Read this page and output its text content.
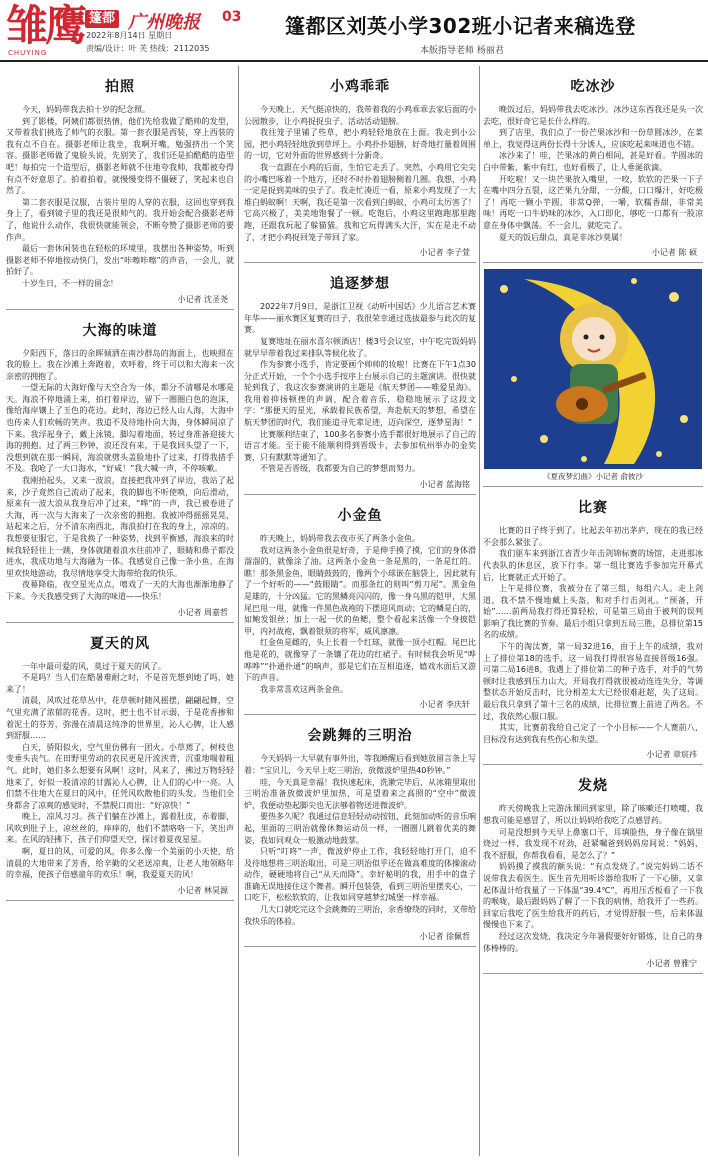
雏鹰
CHUYING
篷都 广州晚报 03
2022年8月14日 星期日
责编/设计：叶 芙 热线：2112035
篷都区刘英小学302班小记者来稿选登
本版指导老师 杨丽君
拍照

今天，妈妈带我去拍十岁的纪念照。

到了影楼，阿姨们都很热情，他们先给我做了酷帅的发型，又带着我们挑选了帅气的衣服。第一套衣服是西装，穿上西装的我有点不自在。摄影老师让我坐，我啊开嘴，勉强挤出一个笑容。摄影老师做了鬼脸头说，先别笑了，我们还是拍酷酷的造型吧！每拍完一个造型后，摄影老师就不住地夸我帅，我都被夸得有点不好意思了。拍着拍着，就慢慢变得不僵硬了，笑起来也自然了。

第二套衣服是汉服，古装片里的人穿的衣服，这回也穿到我身上了，看到镜子里的我还是很帅气的。我开始会配合摄影老师了，他说什么动作，我很快就能领会，不断夸赞了摄影老师的要作声。

最后一套休闲装也在轻松的环境里，我摆出各种姿势，听到摄影老师不停地按动快门，发出“咔嚓咔嚓”的声音，一会儿，就拍好了。

十岁生日，不一样的留念！

小记者 沈圣尧
大海的味道

夕阳西下，落日的余晖倾洒在南沙群岛的海面上，也映照在我的脸上。我在沙滩上奔跑着，欢呼着，终于可以和大海来一次亲密的拥抱了。

一望无际的大海好像与天空合为一体，都分不清哪是水哪是天。海浪不停地涌上来，拍打着岸边，留下一圈圈白色的泡沫，像给海岸镶上了玉色的花边。此时，海边已经人山人海，大海中也传来人们欢畅的笑声。我追不及待地扑向大海，身体瞬间凉了下来。我浮起身子，戴上泳镜，脚勾着地面，转过身准备迎接大海的拥抱。过了两三秒钟，浪还没有来，于是我回头望了一下，没想到就在那一瞬间，海浪就劈头盖脸地扑了过来，打得我措手不及。我呛了一大口海水，“好咸！”我大喊一声，不停咳嗽。

我刚抬起头，又来一波浪，直接把我冲到了岸边，我站了起来，沙子竟然自己流动了起来，我的脚也不听使唤，向后滑动，原来有一波大浪从我身后冲了过来，“哗”的一声，我已被卷进了大海，再一次与大海来了一次亲密的拥抱。我被冲得摇摇晃晃，站起来之后，分不清东南西北，海浪拍打在我的身上，凉凉的。我想要征服它，于是我换了一种姿势，找到平衡感，海浪来的时候我轻轻往上一跳，身体就随着浪水往前冲了，眼睛和鼻子都没进水，我成功地与大海融为一体。我感觉自己像一条小鱼，在海里欢快地游动，我尽情地享受大海带给我的快乐。

夜幕降临，夜空星光点点，嘻戏了一天的大海也渐渐地静了下来。今天我感受到了大海的味道——快乐！

小记者 周嘉哲
夏天的风

一年中最可爱的风，莫过于夏天的风了。

不是吗？当人们在酷暑难耐之时，不是首先想到她了吗，她来了！

清晨，风吹过花草丛中，花草顿时随风摇摆，翩翩起舞，空气里充满了浓郁的花香。这时，把土也不甘示弱，于是花香掺和着泥土的芬芳，弥漫在清晨这纯净的世界里，沁人心脾，让人感到舒服……

白天，骄阳似火，空气里仿佛有一团火。小草蔫了，树枝也变垂头丧气。在田野里劳动的农民更是汗流浃背，沉重地喘着粗气。此时，她们多么想要有风啊！这时，风来了，拂过万物轻轻地来了，好似一股清凉的甘露沁人心脾，让人们的心中一亮。人们禁不住地大在夏日的风中，任凭风吹散他们的头发。当他们全身都舍了凉爽的感觉时，不禁脱口而出：“好凉快！”

晚上，凉风习习。孩子们躺在沙滩上，露着肚皮，赤着脚，风吹到肚子上，凉丝丝的，痒痒的，他们不禁咯咯一下，笑出声来。在风的轻拂下，孩子们仰望天空，探讨着夏夜星星。

啊，夏日的风，可爱的风，你多么像一个美丽的小天使，给清晨的大地带来了芳香，给辛勤的父老送凉爽，让老人地领略年的幸福，使孩子倍感童年的欢乐！啊，我爱夏天的风！

小记者 林昊源
小鸡乖乖

今天晚上，天气挺凉快的，我带着我的小鸡乖乖去家后面的小公园散步，让小鸡捉捉虫子、活动活动翅膀。

我往笼子里铺了些草，把小鸡轻轻地放在上面。我走到小公园，把小鸡轻轻地放到草坪上。小鸡扑扑翅膀，好奇地打量着周围的一切，它对外面的世界感到十分新奇。

我一直跟在小鸡的后面，生怕它走丢了。突然，小鸡用它尖尖的小嘴巴啄着一个地方，还时不时扑着翅膀侧着几圈。我想，小鸡一定是捉到美味的虫子了。我走忙凑近一看，原来小鸡发现了一大堆白蚂蚁啊！天啊，我还是第一次看到白蚂蚁，小鸡可太厉害了！它高兴极了，美美地饱餐了一顿。吃饱后，小鸡这里跑跑那里跑跑，还跟我玩起了躲猫猫。我和它玩得满头大汗，实在是走不动了，才把小鸡捉回笼子带回了家。

小记者 李子萱
追逐梦想

2022年7月9日，是浙江卫视《动听中国话》少儿语言艺术赛年华——丽水赛区复赛的日子，我很荣幸通过选拔最参与此次的复赛。

复赛地址在丽水喜尔顿酒店！楼3号会议室，中午吃完饭妈妈就早早带着我过来排队等候化妆了。

作为参赛小选手，肯定要画个帅帅的妆啦！比赛在下午1点30分正式开始，一个个小选手按序上台展示自己的主题演讲。很快就轮到我了，我这次参赛演讲的主题是《航天梦团——唯爱星海》。我用着抑扬顿挫的声调，配合着音乐，稳稳地展示了这段文字：“那便天的星光，承载着民族希望，奔赴航天的梦想，希望在航天梦团的时代，我们能追寻先辈足迹，迈向深空，逐梦星海！”

比赛顺利结束了，100多名参赛小选手都很好地展示了自己的语言才能。至于能不能顺利得到晋级卡，去参加杭州举办的金奖赛，只有默默等通知了。

不管是否晋级，我都要为自己的梦想而努力。

小记者 蓝海铭
小金鱼

昨天晚上，妈妈带我去夜市买了两条小金鱼。

我对这两条小金鱼很是好奇，于是伸手摸了摸，它们的身体滑溜溜的，就像涂了油。这两条小金鱼一条是黑的，一条是红的。瞧！那条黑金鱼，眼睛鼓鼓的，像两个小球嵌在脑袋上，因此就有了一个好听的——“鼓眼睛”。而那条红的则叫“剪刀尾”。黑金鱼是雄的，十分凶猛。它的黑鳞亮闪闪的，像一身乌黑的铠甲，大黑尾巴甩一甩，就像一件黑色战袍的下摆迎风而动；它的鳞是白的，如鲍发银丝；加上一起一伏的鱼鳃，整个看起来活像一个身披铠甲，内衬战袍，飘着银须的将军，威风凛凛。

红金鱼是雌的，头上长着一个红球，就像一顶小红帽。尾巴比他是花的，就像穿了一条镶了花边的红裙子。有时候我会听见“哗哗哗”“扑通扑通”的响声，那是它们在互相追逐，嬉戏水面后又游下的声音。

我非常喜欢这两条金鱼。

小记者 李庆轩
会跳舞的三明治

今天妈妈一大早就有事外出，等我睡醒后看到她放留言条上写着：“宝贝儿，今天早上吃三明治，放微波炉里热40秒钟。”

哇，今天真是幸福！我快速起床，洗漱完毕后，从冰箱里取出三明治准备放微波炉里加热，可是望着来之高照的“空中”微波炉，我便动垫起脚尖也无法够着物送进微波炉。

要热多久呢？我通过信息轻轻动动按钮，此刻加动听的音乐响起，里面的三明治就像休舞运动员一样，一圈圈儿跳着优美的舞姿，我如同观众一般激动地鼓掌。

只听“叮咚”一声，微波炉停止工作，我轻轻地打开门，迫不及待地想将三明治取出，可是三明治似乎还在做高难度的体操滚动动作，硬硬地将自己“从天而降”。幸好秘明的我，用手中的盘子准确无误地接住这个舞者。瞬开包装袋，看到三明治里摆夹心，一口吃下，松松软软的，让我如同穿越梦幻城堡一样幸福。

几大口就吃完这个会跳舞的三明治，余香缭绕的同时，又带给我快乐的体验。

小记者 徐佩哲
吃冰沙

晚饭过后，妈妈带我去吃冰沙。冰沙这东西我还是头一次去吃，很好奇它是长什么样的。

到了店里，我们点了一份芒果冰沙和一份草圆冰沙，在菜单上，我觉得这两份长得十分诱人，应该吃起来味道也不错。

冰沙来了！哇，芒果冰的黄白相间，甚是好看。芋圆冰的白中带紫，紫中有红，也好看极了，让人垂涎欲滴。

开吃啦！又一块芒果放入嘴里，一咬，软软的芒果一下子在嘴中四分五裂，这芒果九分甜，一分酸，口口爆汁，好吃极了！再吃一颗小芋圆，非常Q弹，一嚼，软糯香甜，非常美味！再吃一口牛奶味的冰沙，入口即化，够吃一口都有一股凉意在身体中飘荡。不一会儿，就吃完了。

夏天的饭后甜点，真是非冰沙莫属！

小记者 陈 硕
《夏夜梦幻曲》小记者 俞彼沙
比赛

比赛的日子终于到了。比起去年初出茅庐，现在的我已经不会那么紧张了。

我们驱车来到浙江省青少年击剑锦标赛的场馆，走进那冰代表队的休息区，放下行李。第一组比赛选手参加完开幕式后，比赛就正式开始了。

上午是排位赛，我被分在了第三组，每组六人。走上剑道，我不禁不慢地戴上头盔，和对手行击剑礼。“预备，开始”……前两局我打得还算轻松，可是第三局由于被判的误判影响了我比赛的节奏。最后小组只拿到五局三胜，总排位第15名的成绩。

下午的淘汰赛，第一局32进16，由于上午的成绩，我对上了排位第18的选手，这一局我打得很容易直接晋级16强。可第二局16进8，我遇上了排位第二的种子选手，对手的气势顿时让我感到压力山大。开局我打得就很被动连连失分，等调整状态开始反击时，比分相差太大已经很难赶超，失了这局。最后我只拿到了第十三名的成绩，比排位赛上前进了两名。不过，我依然心服口服。

其实，比赛前我给自己定了一个小目标——个人赛前八，目标没有达到我有些伤心和失望。

小记者 章宸祎
发烧

昨天傍晚我上完游泳课回到家里，除了咳嗽还打喷嚏，我想我可能是感冒了，所以让妈妈给我吃了点感冒药。

可是没想到今天早上鼻塞口干，耳填脸热，身子像在锅里烧过一样，我发现不对劲，赶紧嘱爸到妈妈房间说：“妈妈，我不舒服，你帮我看看，是怎么了？”

妈妈摸了摸我的额头说：“有点发烧了。”说完妈妈二话不说带我去看医生。医生首先用听诊器给我听了一下心肺，又拿起体温计给我量了一下体温“39.4℃”，再用压舌板看了一下我的喉咙，最后跟妈妈了解了一下我的病情，给我开了一些药。回家后我吃了医生给我开的药后，才觉得舒服一些，后来体温慢慢也下来了。

经过这次发烧，我决定今年暑假要好好锻炼，让自己的身体棒棒的。

小记者 曾雅宁
